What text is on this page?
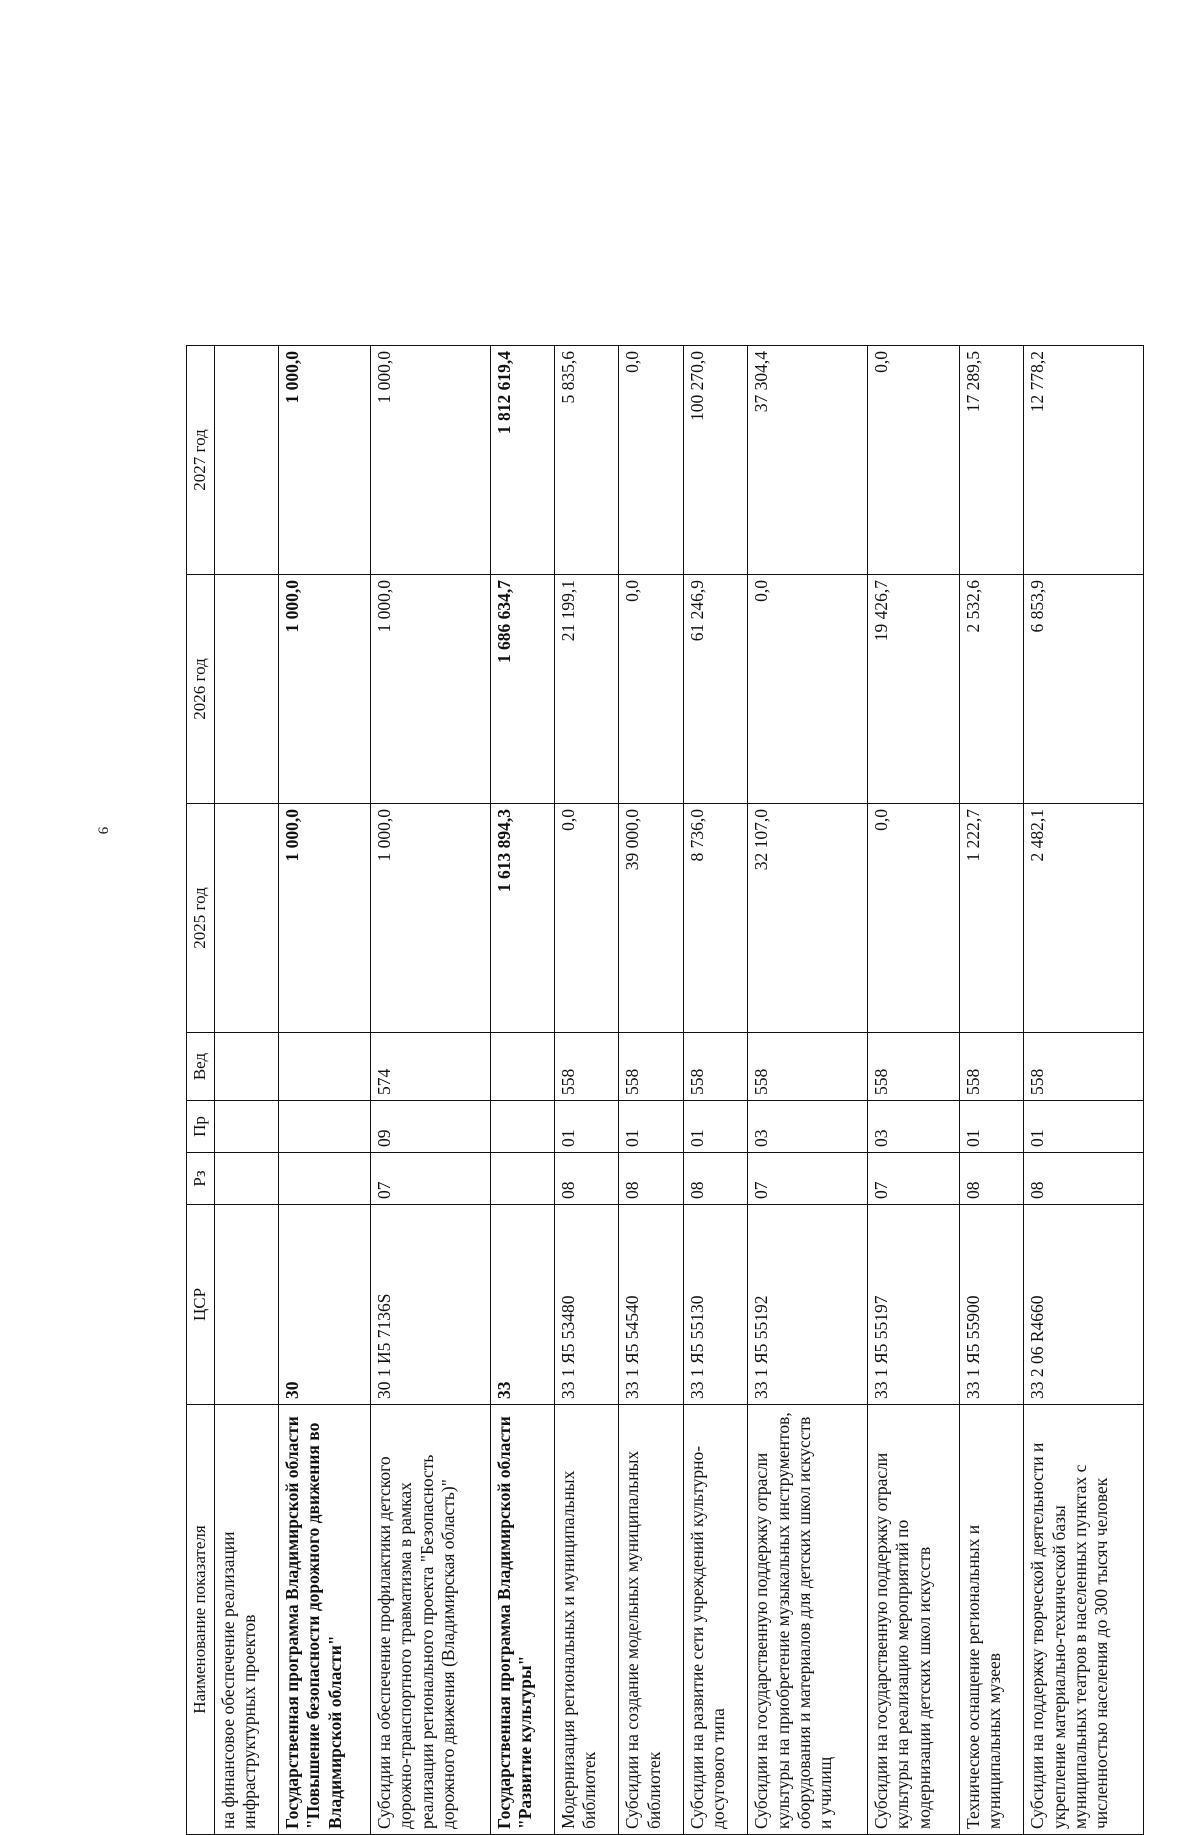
9
Наименование показателя	ЦСР	Рз	Пр	Вед	2025 год	2026 год	2027 год
на финансовое обеспечение реализации инфраструктурных проектов							
Государственная программа Владимирской области "Повышение безопасности дорожного движения во Владимирской области"	30				1 000,0	1 000,0	1 000,0
Субсидии на обеспечение профилактики детского дорожно-транспортного травматизма в рамках реализации регионального проекта "Безопасность дорожного движения (Владимирская область)"	30 1 И5 7136S	07	09	574	1 000,0	1 000,0	1 000,0
Государственная программа Владимирской области "Развитие культуры"	33				1 613 894,3	1 686 634,7	1 812 619,4
Модернизация региональных и муниципальных библиотек	33 1 Я5 53480	08	01	558	0,0	21 199,1	5 835,6
Субсидии на создание модельных муниципальных библиотек	33 1 Я5 54540	08	01	558	39 000,0	0,0	0,0
Субсидии на развитие сети учреждений культурно-досугового типа	33 1 Я5 55130	08	01	558	8 736,0	61 246,9	100 270,0
Субсидии на государственную поддержку отрасли культуры на приобретение музыкальных инструментов, оборудования и материалов для детских школ искусств и училищ	33 1 Я5 55192	07	03	558	32 107,0	0,0	37 304,4
Субсидии на государственную поддержку отрасли культуры на реализацию мероприятий по модернизации детских школ искусств	33 1 Я5 55197	07	03	558	0,0	19 426,7	0,0
Техническое оснащение региональных и муниципальных музеев	33 1 Я5 55900	08	01	558	1 222,7	2 532,6	17 289,5
Субсидии на поддержку творческой деятельности и укрепление материально-технической базы муниципальных театров в населенных пунктах с численностью населения до 300 тысяч человек	33 2 06 R4660	08	01	558	2 482,1	6 853,9	12 778,2
